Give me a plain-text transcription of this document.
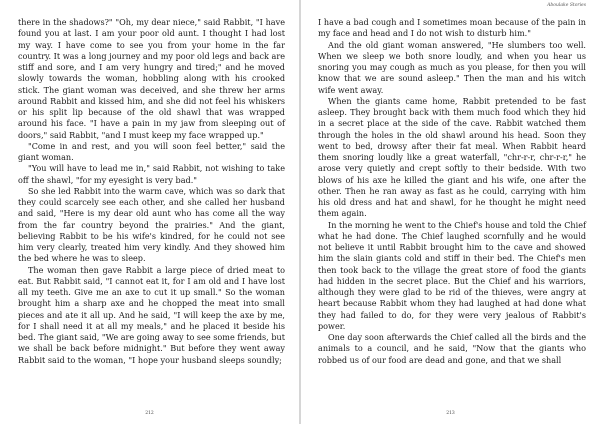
there in the shadows?" "Oh, my dear niece," said Rabbit, "I have found you at last. I am your poor old aunt. I thought I had lost my way. I have come to see you from your home in the far country. It was a long journey and my poor old legs and back are stiff and sore, and I am very hungry and tired;" and he moved slowly towards the woman, hobbling along with his crooked stick. The giant woman was deceived, and she threw her arms around Rabbit and kissed him, and she did not feel his whiskers or his split lip because of the old shawl that was wrapped around his face. "I have a pain in my jaw from sleeping out of doors," said Rabbit, "and I must keep my face wrapped up."

"Come in and rest, and you will soon feel better," said the giant woman.

"You will have to lead me in," said Rabbit, not wishing to take off the shawl, "for my eyesight is very bad."

So she led Rabbit into the warm cave, which was so dark that they could scarcely see each other, and she called her husband and said, "Here is my dear old aunt who has come all the way from the far country beyond the prairies." And the giant, believing Rabbit to be his wife's kindred, for he could not see him very clearly, treated him very kindly. And they showed him the bed where he was to sleep.

The woman then gave Rabbit a large piece of dried meat to eat. But Rabbit said, "I cannot eat it, for I am old and I have lost all my teeth. Give me an axe to cut it up small." So the woman brought him a sharp axe and he chopped the meat into small pieces and ate it all up. And he said, "I will keep the axe by me, for I shall need it at all my meals," and he placed it beside his bed. The giant said, "We are going away to see some friends, but we shall be back before midnight." But before they went away Rabbit said to the woman, "I hope your husband sleeps soundly;

212
Aboulake Stories

I have a bad cough and I sometimes moan because of the pain in my face and head and I do not wish to disturb him."

And the old giant woman answered, "He slumbers too well. When we sleep we both snore loudly, and when you hear us snoring you may cough as much as you please, for then you will know that we are sound asleep." Then the man and his witch wife went away.

When the giants came home, Rabbit pretended to be fast asleep. They brought back with them much food which they hid in a secret place at the side of the cave. Rabbit watched them through the holes in the old shawl around his head. Soon they went to bed, drowsy after their fat meal. When Rabbit heard them snoring loudly like a great waterfall, "chr-r-r, chr-r-r," he arose very quietly and crept softly to their bedside. With two blows of his axe he killed the giant and his wife, one after the other. Then he ran away as fast as he could, carrying with him his old dress and hat and shawl, for he thought he might need them again.

In the morning he went to the Chief's house and told the Chief what he had done. The Chief laughed scornfully and he would not believe it until Rabbit brought him to the cave and showed him the slain giants cold and stiff in their bed. The Chief's men then took back to the village the great store of food the giants had hidden in the secret place. But the Chief and his warriors, although they were glad to be rid of the thieves, were angry at heart because Rabbit whom they had laughed at had done what they had failed to do, for they were very jealous of Rabbit's power.

One day soon afterwards the Chief called all the birds and the animals to a council, and he said, "Now that the giants who robbed us of our food are dead and gone, and that we shall

213
